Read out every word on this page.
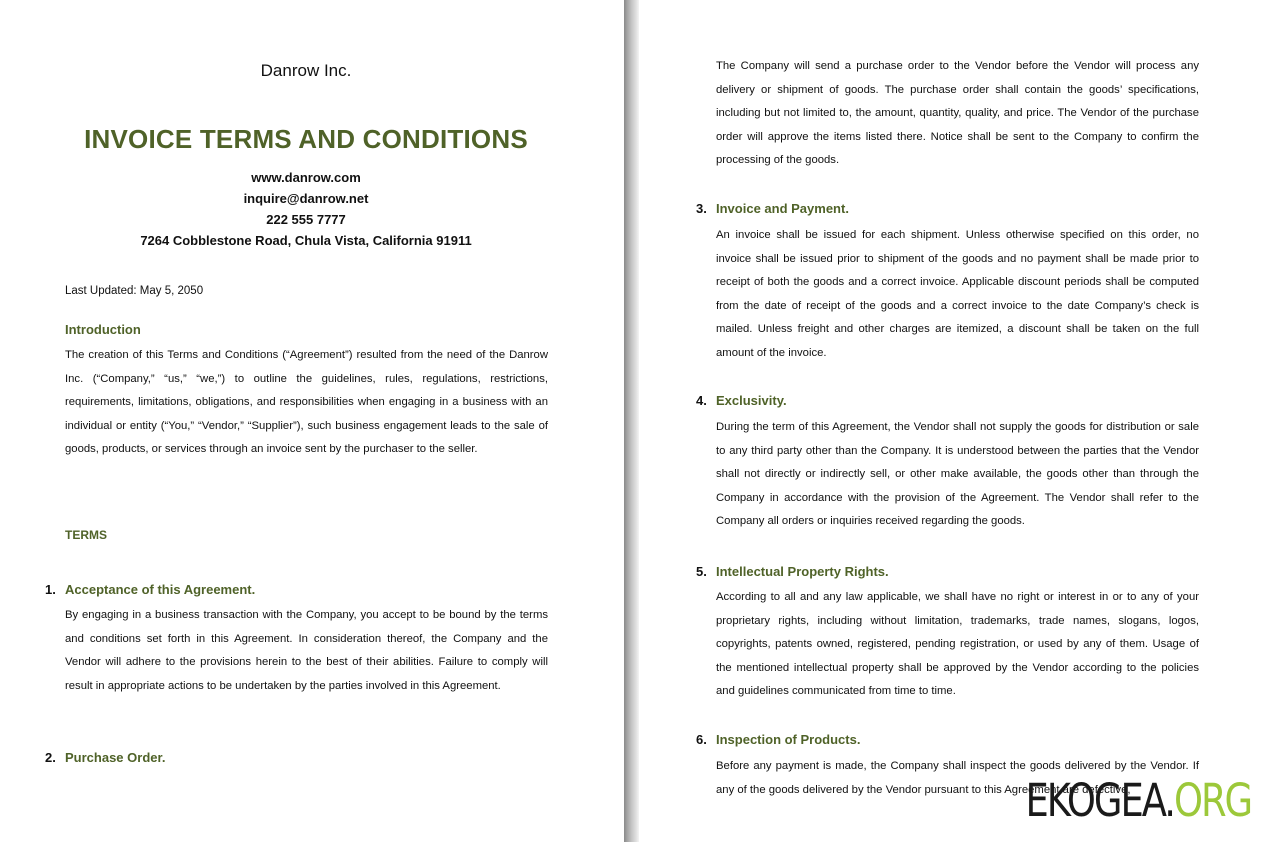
Danrow Inc.
INVOICE TERMS AND CONDITIONS
www.danrow.com
inquire@danrow.net
222 555 7777
7264 Cobblestone Road, Chula Vista, California 91911
Last Updated: May 5, 2050
Introduction
The creation of this Terms and Conditions (“Agreement”) resulted from the need of the Danrow Inc. (“Company,” “us,” “we,”) to outline the guidelines, rules, regulations, restrictions, requirements, limitations, obligations, and responsibilities when engaging in a business with an individual or entity (“You,” “Vendor,” “Supplier”), such business engagement leads to the sale of goods, products, or services through an invoice sent by the purchaser to the seller.
TERMS
1. Acceptance of this Agreement.
By engaging in a business transaction with the Company, you accept to be bound by the terms and conditions set forth in this Agreement. In consideration thereof, the Company and the Vendor will adhere to the provisions herein to the best of their abilities. Failure to comply will result in appropriate actions to be undertaken by the parties involved in this Agreement.
2. Purchase Order.
The Company will send a purchase order to the Vendor before the Vendor will process any delivery or shipment of goods. The purchase order shall contain the goods’ specifications, including but not limited to, the amount, quantity, quality, and price. The Vendor of the purchase order will approve the items listed there. Notice shall be sent to the Company to confirm the processing of the goods.
3. Invoice and Payment.
An invoice shall be issued for each shipment. Unless otherwise specified on this order, no invoice shall be issued prior to shipment of the goods and no payment shall be made prior to receipt of both the goods and a correct invoice. Applicable discount periods shall be computed from the date of receipt of the goods and a correct invoice to the date Company’s check is mailed. Unless freight and other charges are itemized, a discount shall be taken on the full amount of the invoice.
4. Exclusivity.
During the term of this Agreement, the Vendor shall not supply the goods for distribution or sale to any third party other than the Company. It is understood between the parties that the Vendor shall not directly or indirectly sell, or other make available, the goods other than through the Company in accordance with the provision of the Agreement. The Vendor shall refer to the Company all orders or inquiries received regarding the goods.
5. Intellectual Property Rights.
According to all and any law applicable, we shall have no right or interest in or to any of your proprietary rights, including without limitation, trademarks, trade names, slogans, logos, copyrights, patents owned, registered, pending registration, or used by any of them. Usage of the mentioned intellectual property shall be approved by the Vendor according to the policies and guidelines communicated from time to time.
6. Inspection of Products.
Before any payment is made, the Company shall inspect the goods delivered by the Vendor. If any of the goods delivered by the Vendor pursuant to this Agreement are defective,
EKOGEA.ORG
